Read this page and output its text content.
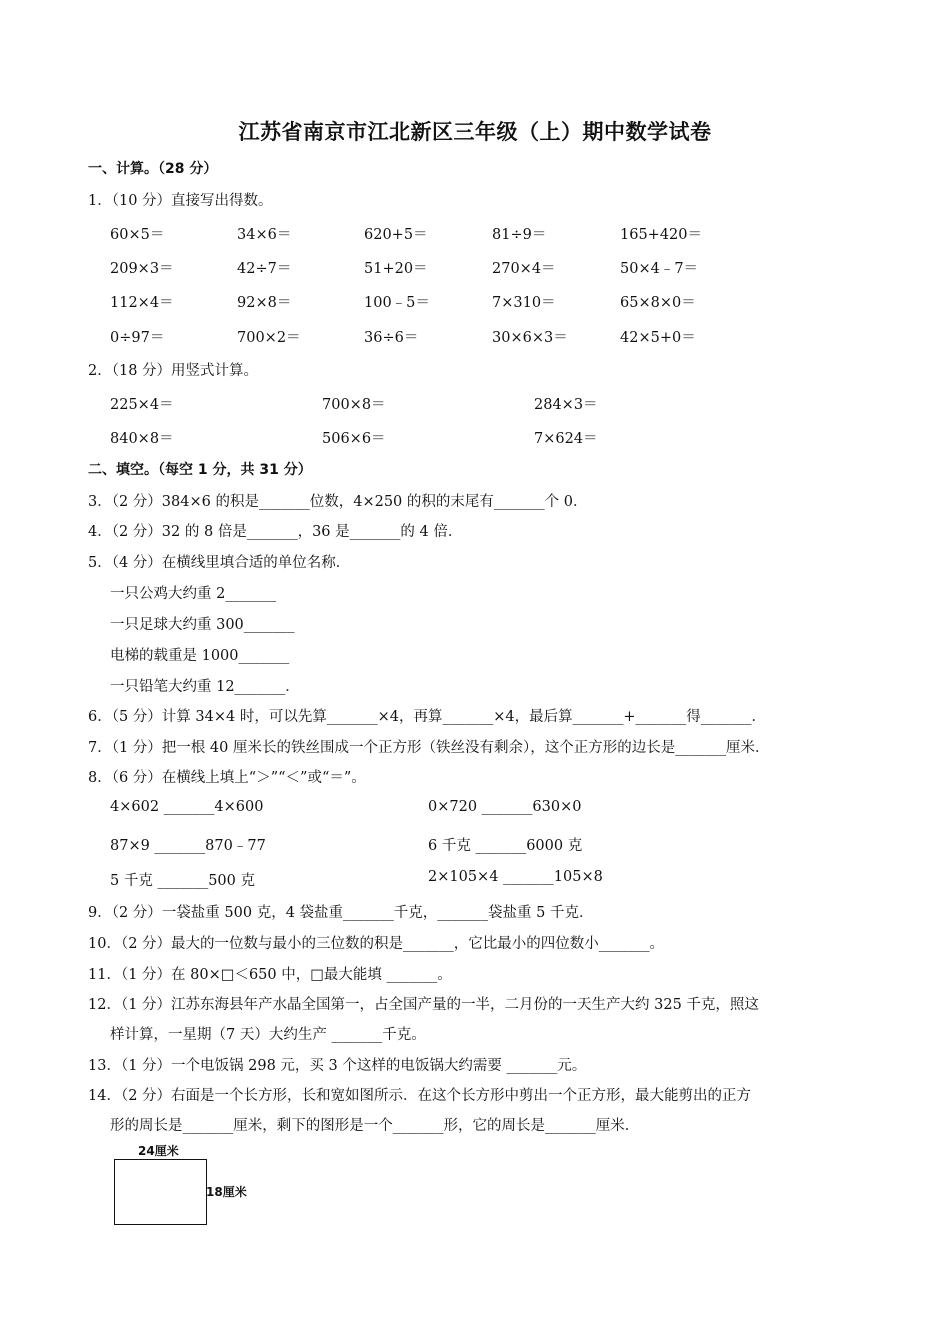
江苏省南京市江北新区三年级（上）期中数学试卷
一、计算。（28 分）
1．（10 分）直接写出得数。
60×5＝	34×6＝	620+5＝	81÷9＝	165+420＝
209×3＝	42÷7＝	51+20＝	270×4＝	50×4﹣7＝
112×4＝	92×8＝	100﹣5＝	7×310＝	65×8×0＝
0÷97＝	700×2＝	36÷6＝	30×6×3＝	42×5+0＝
2．（18 分）用竖式计算。
225×4＝	700×8＝	284×3＝
840×8＝	506×6＝	7×624＝
二、填空。（每空 1 分，共 31 分）
3．（2 分）384×6 的积是_______位数，4×250 的积的末尾有_______个 0．
4．（2 分）32 的 8 倍是_______，36 是_______的 4 倍．
5．（4 分）在横线里填合适的单位名称．
一只公鸡大约重 2_______
一只足球大约重 300_______
电梯的载重是 1000_______
一只铅笔大约重 12_______．
6．（5 分）计算 34×4 时，可以先算_______×4，再算_______×4，最后算_______+_______得_______．
7．（1 分）把一根 40 厘米长的铁丝围成一个正方形（铁丝没有剩余），这个正方形的边长是_______厘米．
8．（6 分）在横线上填上“＞”“＜”或“＝”。
4×602 _______4×600	0×720 _______630×0
87×9 _______870﹣77	6 千克 _______6000 克
5 千克 _______500 克	2×105×4 _______105×8
9．（2 分）一袋盐重 500 克，4 袋盐重_______千克，_______袋盐重 5 千克．
10．（2 分）最大的一位数与最小的三位数的积是_______，它比最小的四位数小_______。
11．（1 分）在 80×□＜650 中，□最大能填 _______。
12．（1 分）江苏东海县年产水晶全国第一，占全国产量的一半，二月份的一天生产大约 325 千克，照这
样计算，一星期（7 天）大约生产 _______千克。
13．（1 分）一个电饭锅 298 元，买 3 个这样的电饭锅大约需要 _______元。
14．（2 分）右面是一个长方形，长和宽如图所示．在这个长方形中剪出一个正方形，最大能剪出的正方
形的周长是_______厘米，剩下的图形是一个_______形，它的周长是_______厘米．
24厘米
18厘米
